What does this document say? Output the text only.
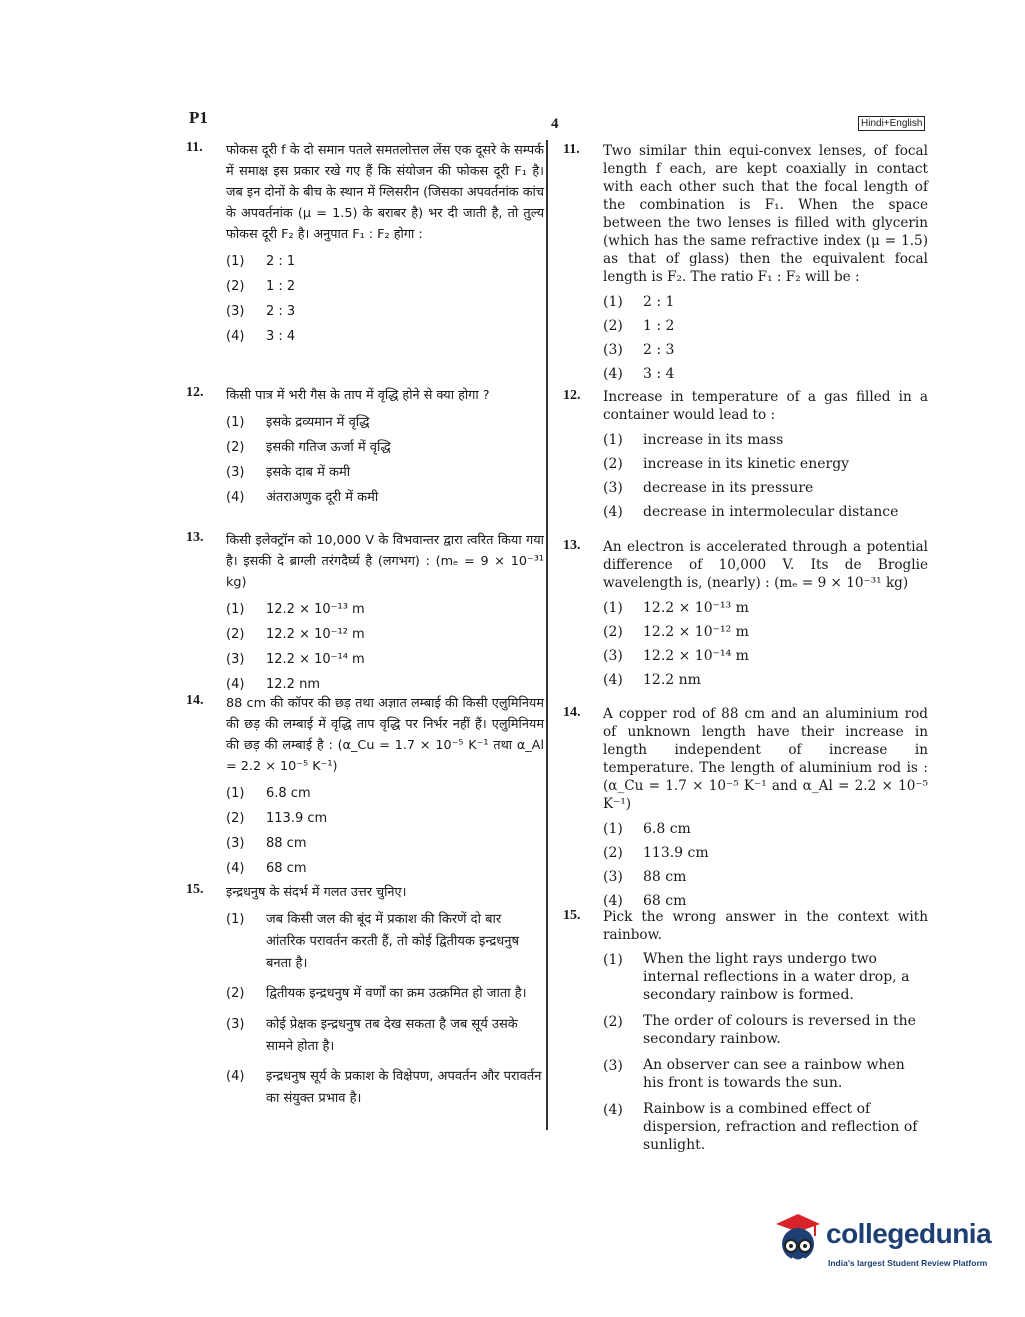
P1	4	Hindi+English
11. फोकस दूरी f के दो समान पतले समतलोत्तल लेंस एक दूसरे के सम्पर्क में समाक्ष इस प्रकार रखे गए हैं कि संयोजन की फोकस दूरी F₁ है। जब इन दोनों के बीच के स्थान में ग्लिसरीन (जिसका अपवर्तनांक कांच के अपवर्तनांक (μ = 1.5) के बराबर है) भर दी जाती है, तो तुल्य फोकस दूरी F₂ है। अनुपात F₁ : F₂ होगा :
(1)	2 : 1
(2)	1 : 2
(3)	2 : 3
(4)	3 : 4
12. किसी पात्र में भरी गैस के ताप में वृद्धि होने से क्या होगा ?
(1)	इसके द्रव्यमान में वृद्धि
(2)	इसकी गतिज ऊर्जा में वृद्धि
(3)	इसके दाब में कमी
(4)	अंतराअणुक दूरी में कमी
13. किसी इलेक्ट्रॉन को 10,000 V के विभवान्तर द्वारा त्वरित किया गया है। इसकी दे ब्राग्ली तरंगदैर्घ्य है (लगभग) : (mₑ = 9 × 10⁻³¹ kg)
(1)	12.2 × 10⁻¹³ m
(2)	12.2 × 10⁻¹² m
(3)	12.2 × 10⁻¹⁴ m
(4)	12.2 nm
14. 88 cm की कॉपर की छड़ तथा अज्ञात लम्बाई की किसी एलुमिनियम की छड़ की लम्बाई में वृद्धि ताप वृद्धि पर निर्भर नहीं हैं। एलुमिनियम की छड़ की लम्बाई है : (α_Cu = 1.7 × 10⁻⁵ K⁻¹ तथा α_Al = 2.2 × 10⁻⁵ K⁻¹)
(1)	6.8 cm
(2)	113.9 cm
(3)	88 cm
(4)	68 cm
15. इन्द्रधनुष के संदर्भ में गलत उत्तर चुनिए।
(1)	जब किसी जल की बूंद में प्रकाश की किरणें दो बार आंतरिक परावर्तन करती हैं, तो कोई द्वितीयक इन्द्रधनुष बनता है।
(2)	द्वितीयक इन्द्रधनुष में वर्णों का क्रम उत्क्रमित हो जाता है।
(3)	कोई प्रेक्षक इन्द्रधनुष तब देख सकता है जब सूर्य उसके सामने होता है।
(4)	इन्द्रधनुष सूर्य के प्रकाश के विक्षेपण, अपवर्तन और परावर्तन का संयुक्त प्रभाव है।
11. Two similar thin equi-convex lenses, of focal length f each, are kept coaxially in contact with each other such that the focal length of the combination is F₁. When the space between the two lenses is filled with glycerin (which has the same refractive index (μ = 1.5) as that of glass) then the equivalent focal length is F₂. The ratio F₁ : F₂ will be :
(1)	2 : 1
(2)	1 : 2
(3)	2 : 3
(4)	3 : 4
12. Increase in temperature of a gas filled in a container would lead to :
(1)	increase in its mass
(2)	increase in its kinetic energy
(3)	decrease in its pressure
(4)	decrease in intermolecular distance
13. An electron is accelerated through a potential difference of 10,000 V. Its de Broglie wavelength is, (nearly) : (mₑ = 9 × 10⁻³¹ kg)
(1)	12.2 × 10⁻¹³ m
(2)	12.2 × 10⁻¹² m
(3)	12.2 × 10⁻¹⁴ m
(4)	12.2 nm
14. A copper rod of 88 cm and an aluminium rod of unknown length have their increase in length independent of increase in temperature. The length of aluminium rod is : (α_Cu = 1.7 × 10⁻⁵ K⁻¹ and α_Al = 2.2 × 10⁻⁵ K⁻¹)
(1)	6.8 cm
(2)	113.9 cm
(3)	88 cm
(4)	68 cm
15. Pick the wrong answer in the context with rainbow.
(1)	When the light rays undergo two internal reflections in a water drop, a secondary rainbow is formed.
(2)	The order of colours is reversed in the secondary rainbow.
(3)	An observer can see a rainbow when his front is towards the sun.
(4)	Rainbow is a combined effect of dispersion, refraction and reflection of sunlight.
collegedunia
India's largest Student Review Platform
